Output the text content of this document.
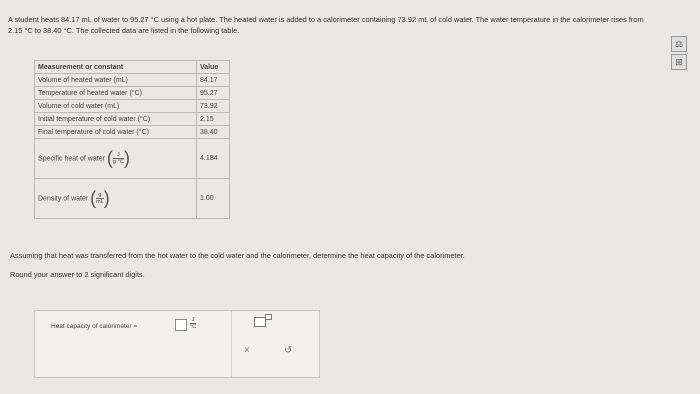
A student heats 84.17 mL of water to 95.27 °C using a hot plate. The heated water is added to a calorimeter containing 73.92 mL of cold water. The water temperature in the calorimeter rises from 2.15 °C to 38.40 °C. The collected data are listed in the following table.
Measurement or constant	Value
Volume of heated water (mL)	84.17
Temperature of heated water (°C)	95.27
Volume of cold water (mL)	73.92
Initial temperature of cold water (°C)	2.15
Final temperature of cold water (°C)	38.40
Specific heat of water ( $\frac{J}{g\cdot^\circ C}$ )	4.184
Density of water ( $\frac{g}{mL}$ )	1.00
Assuming that heat was transferred from the hot water to the cold water and the calorimeter, determine the heat capacity of the calorimeter.
Round your answer to 2 significant digits.
Heat capacity of calorimeter =	$\frac{J}{^\circ C}$
×	↺
⚖
⊞
